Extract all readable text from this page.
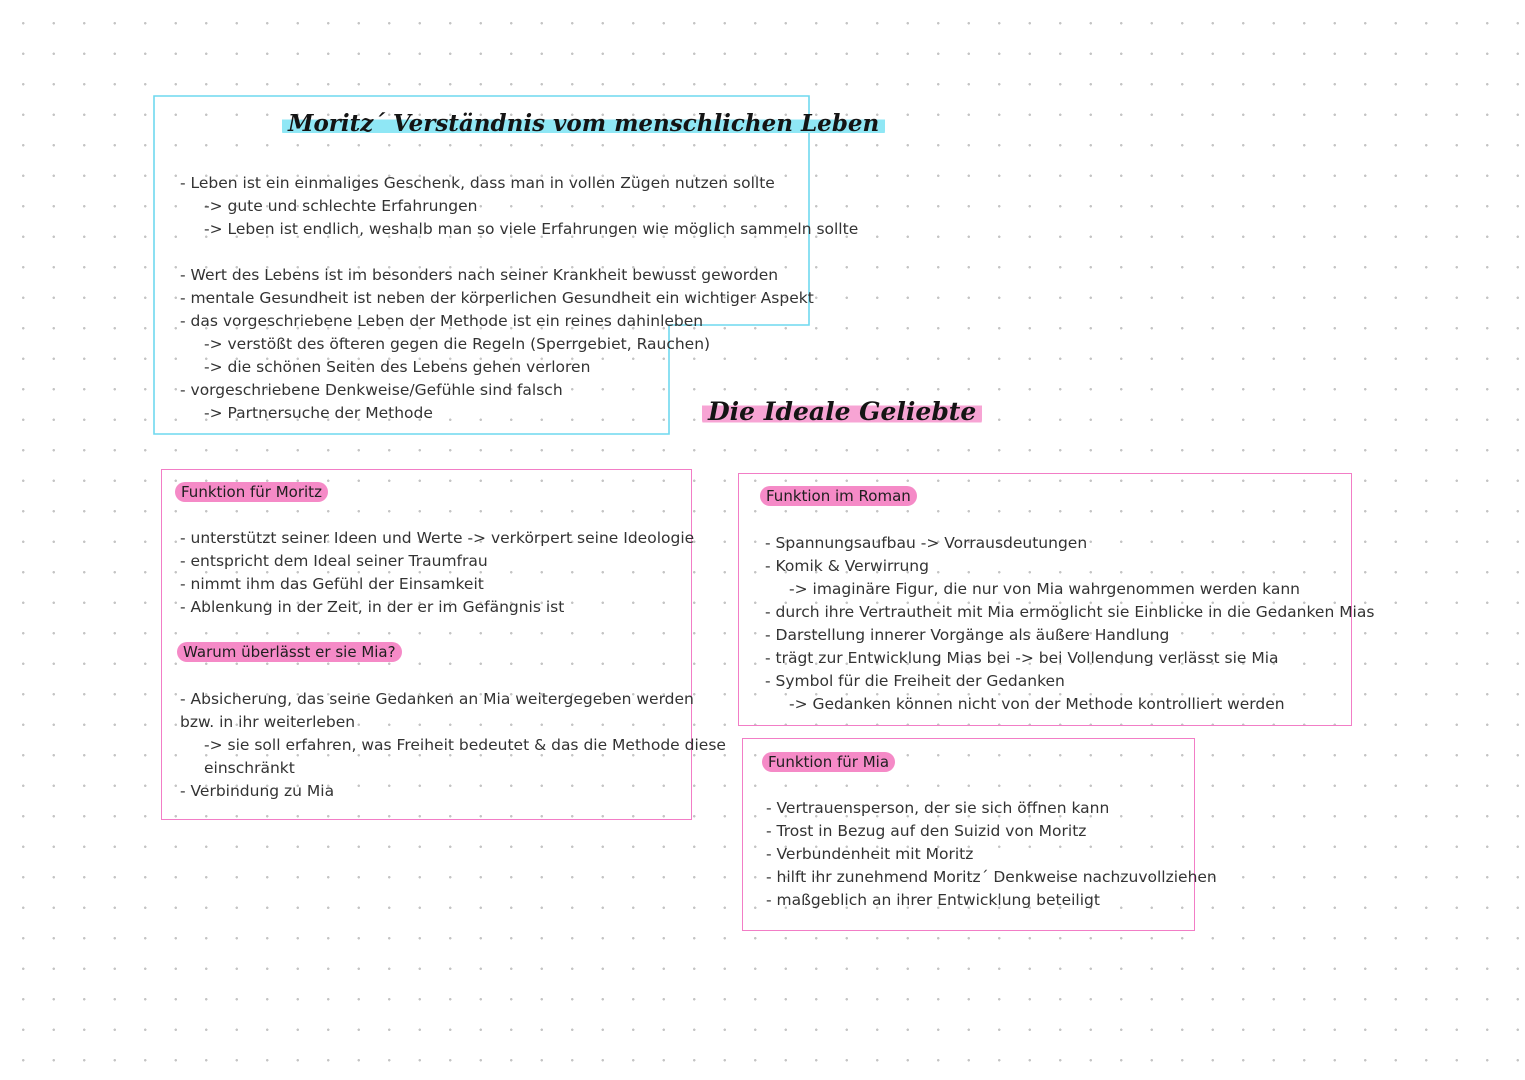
Moritz´ Verständnis vom menschlichen Leben
- Leben ist ein einmaliges Geschenk, dass man in vollen Zügen nutzen sollte
-> gute und schlechte Erfahrungen
-> Leben ist endlich, weshalb man so viele Erfahrungen wie möglich sammeln sollte
- Wert des Lebens ist im besonders nach seiner Krankheit bewusst geworden
- mentale Gesundheit ist neben der körperlichen Gesundheit ein wichtiger Aspekt
- das vorgeschriebene Leben der Methode ist ein reines dahinleben
-> verstößt des öfteren gegen die Regeln (Sperrgebiet, Rauchen)
-> die schönen Seiten des Lebens gehen verloren
- vorgeschriebene Denkweise/Gefühle sind falsch
-> Partnersuche der Methode	Die Ideale Geliebte
Funktion für Moritz
- unterstützt seiner Ideen und Werte -> verkörpert seine Ideologie
- entspricht dem Ideal seiner Traumfrau
- nimmt ihm das Gefühl der Einsamkeit
- Ablenkung in der Zeit, in der er im Gefängnis ist
Warum überlässt er sie Mia?
- Absicherung, das seine Gedanken an Mia weitergegeben werden
bzw. in ihr weiterleben
-> sie soll erfahren, was Freiheit bedeutet & das die Methode diese
einschränkt
- Verbindung zu Mia
Funktion im Roman
- Spannungsaufbau -> Vorrausdeutungen
- Komik & Verwirrung
-> imaginäre Figur, die nur von Mia wahrgenommen werden kann
- durch ihre Vertrautheit mit Mia ermöglicht sie Einblicke in die Gedanken Mias
- Darstellung innerer Vorgänge als äußere Handlung
- trägt zur Entwicklung Mias bei -> bei Vollendung verlässt sie Mia
- Symbol für die Freiheit der Gedanken
-> Gedanken können nicht von der Methode kontrolliert werden
Funktion für Mia
- Vertrauensperson, der sie sich öffnen kann
- Trost in Bezug auf den Suizid von Moritz
- Verbundenheit mit Moritz
- hilft ihr zunehmend Moritz´ Denkweise nachzuvollziehen
- maßgeblich an ihrer Entwicklung beteiligt
